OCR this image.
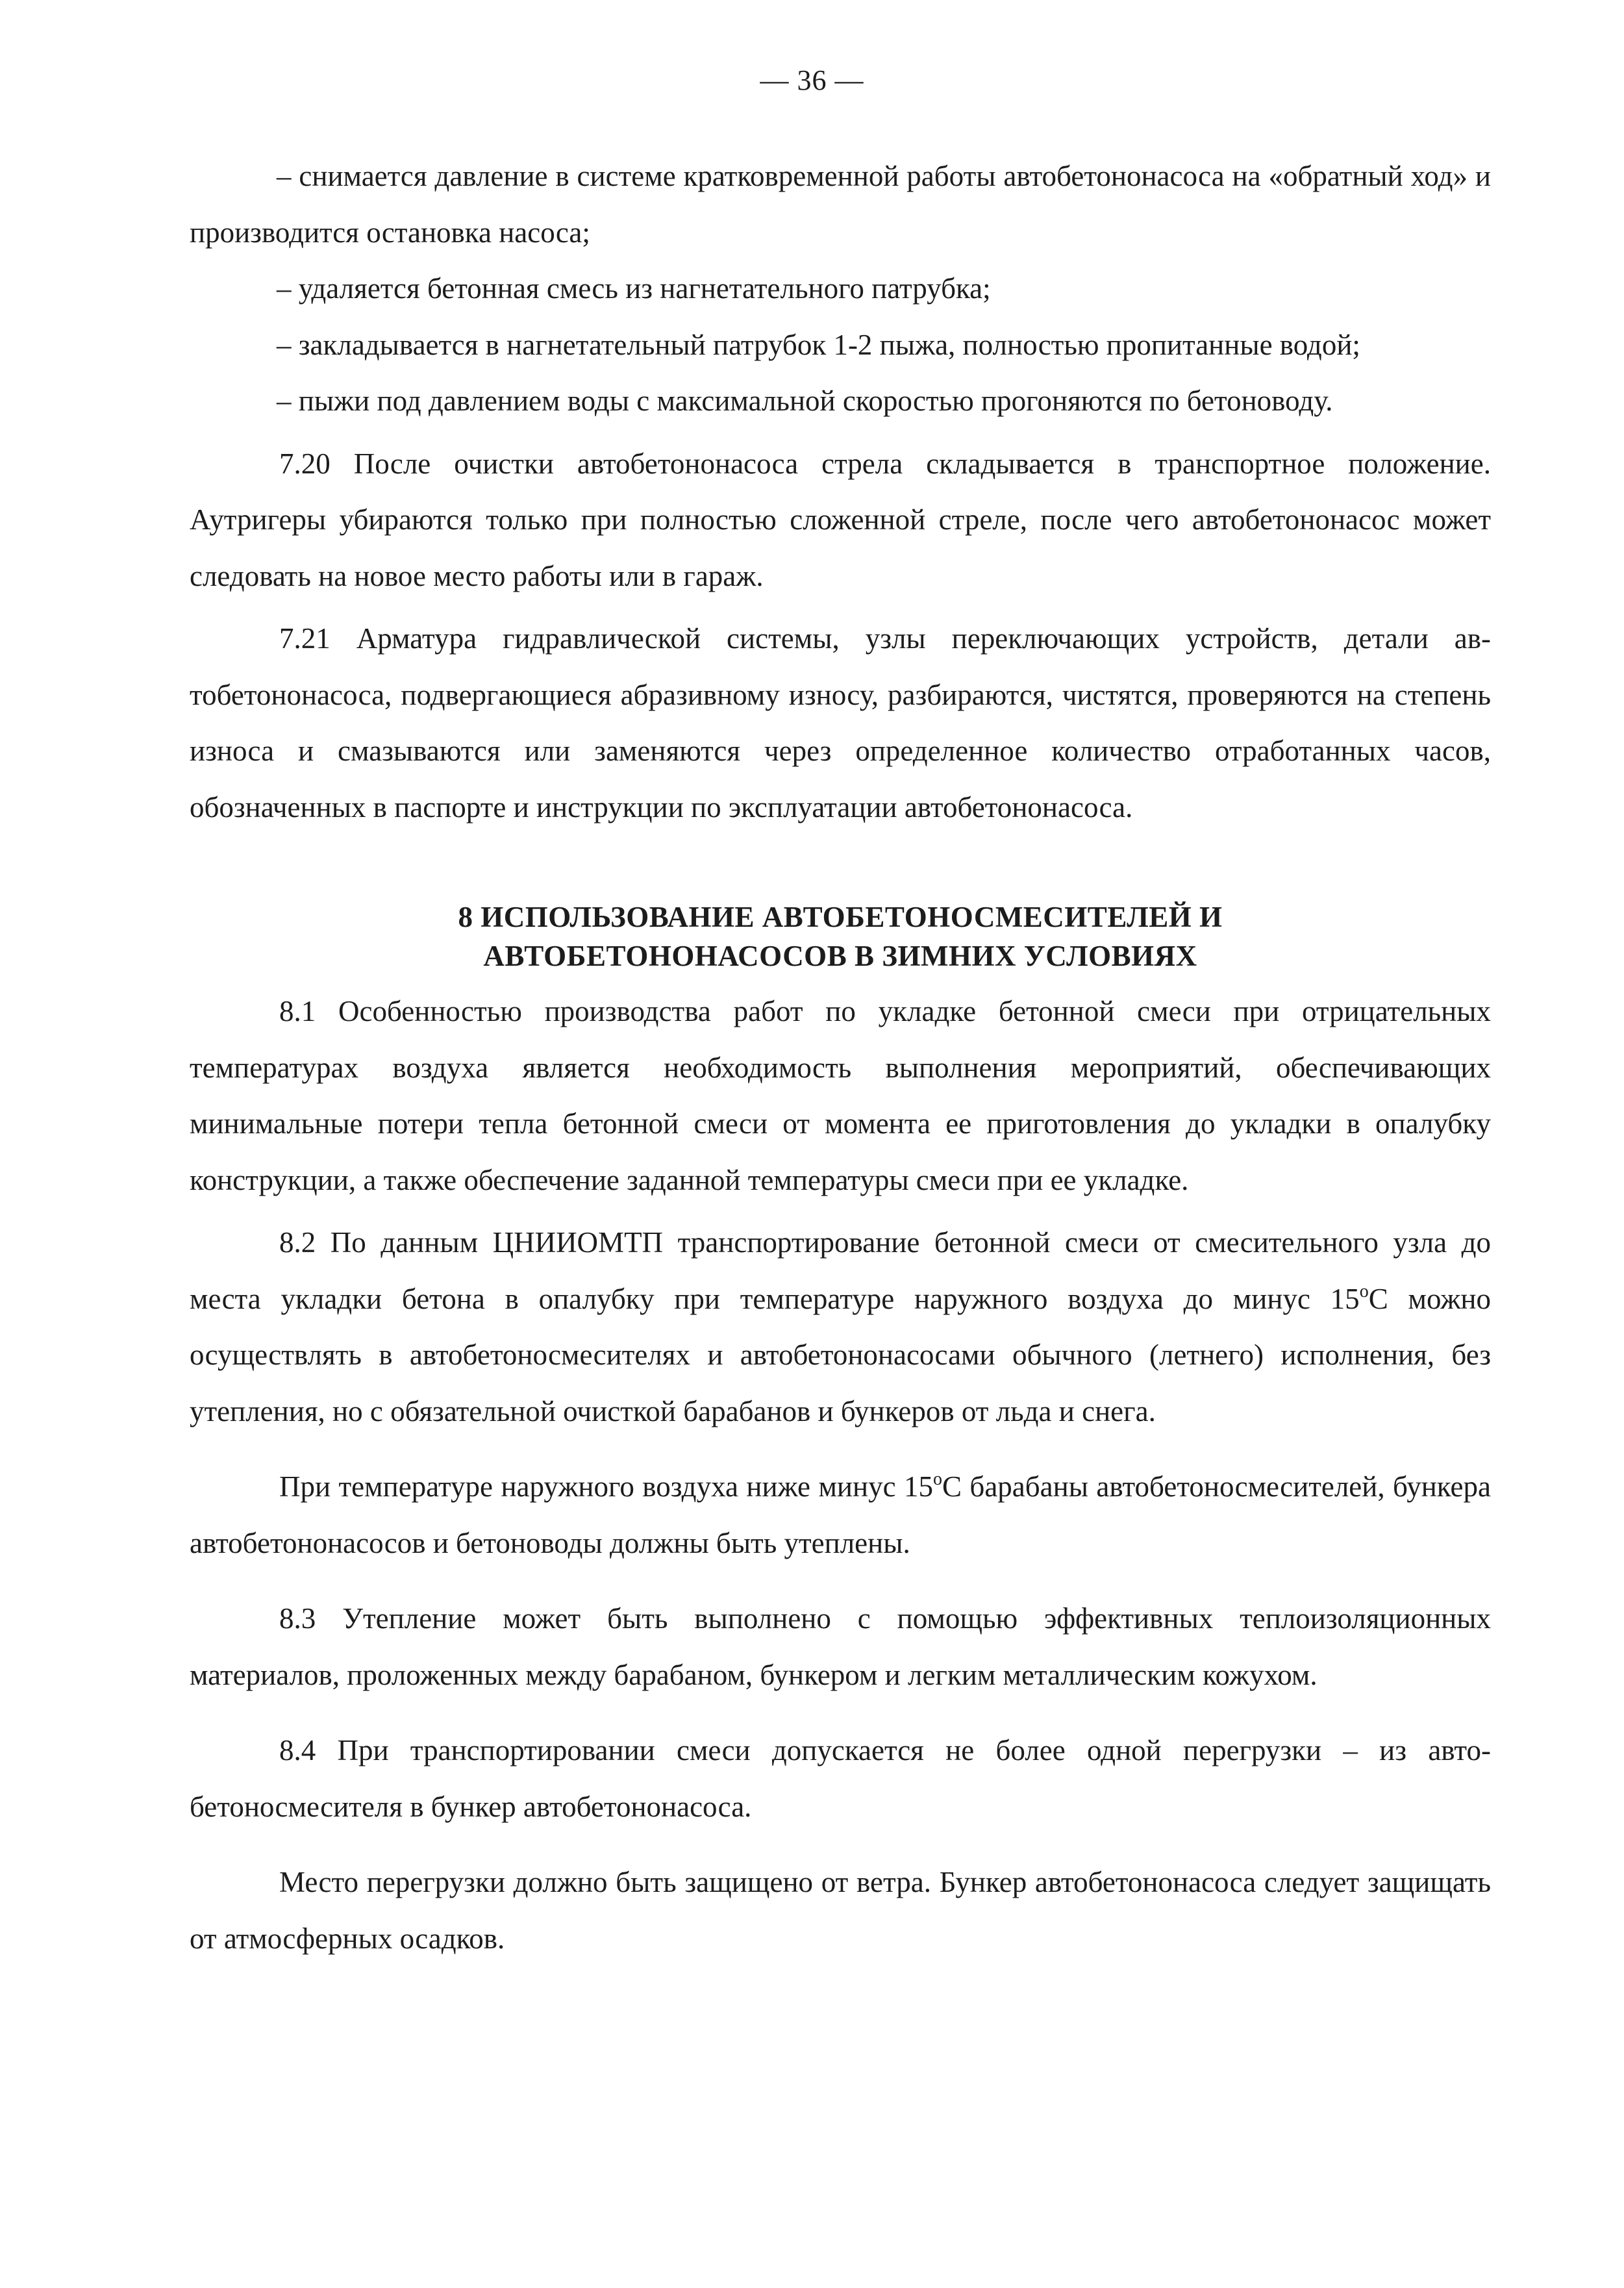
— 36 —

– снимается давление в системе кратковременной работы автобетононасоса на «обратный ход» и производится остановка насоса;

– удаляется бетонная смесь из нагнетательного патрубка;

– закладывается в нагнетательный патрубок 1-2 пыжа, полностью пропитанные водой;

– пыжи под давлением воды с максимальной скоростью прогоняются по бетоноводу.

7.20 После очистки автобетононасоса стрела складывается в транспортное положение. Аутригеры убираются только при полностью сложенной стреле, после чего автобетононасос может следовать на новое место работы или в гараж.

7.21 Арматура гидравлической системы, узлы переключающих устройств, детали автобетононасоса, подвергающиеся абразивному износу, разбираются, чистятся, проверяются на степень износа и смазываются или заменяются через определенное количество отработанных часов, обозначенных в паспорте и инструкции по эксплуатации автобетононасоса.

8 ИСПОЛЬЗОВАНИЕ АВТОБЕТОНОСМЕСИТЕЛЕЙ И
АВТОБЕТОНОНАСОСОВ В ЗИМНИХ УСЛОВИЯХ

8.1 Особенностью производства работ по укладке бетонной смеси при отрицательных температурах воздуха является необходимость выполнения мероприятий, обеспечивающих минимальные потери тепла бетонной смеси от момента ее приготовления до укладки в опалубку конструкции, а также обеспечение заданной температуры смеси при ее укладке.

8.2 По данным ЦНИИОМТП транспортирование бетонной смеси от смесительного узла до места укладки бетона в опалубку при температуре наружного воздуха до минус 15$^o$С можно осуществлять в автобетоносмесителях и автобетононасосами обычного (летнего) исполнения, без утепления, но с обязательной очисткой барабанов и бункеров от льда и снега.

При температуре наружного воздуха ниже минус 15$^o$С барабаны автобетоносмесителей, бункера автобетононасосов и бетоноводы должны быть утеплены.

8.3 Утепление может быть выполнено с помощью эффективных теплоизоляционных материалов, проложенных между барабаном, бункером и легким металлическим кожухом.

8.4 При транспортировании смеси допускается не более одной перегрузки – из автобетоносмесителя в бункер автобетононасоса.

Место перегрузки должно быть защищено от ветра. Бункер автобетононасоса следует защищать от атмосферных осадков.
